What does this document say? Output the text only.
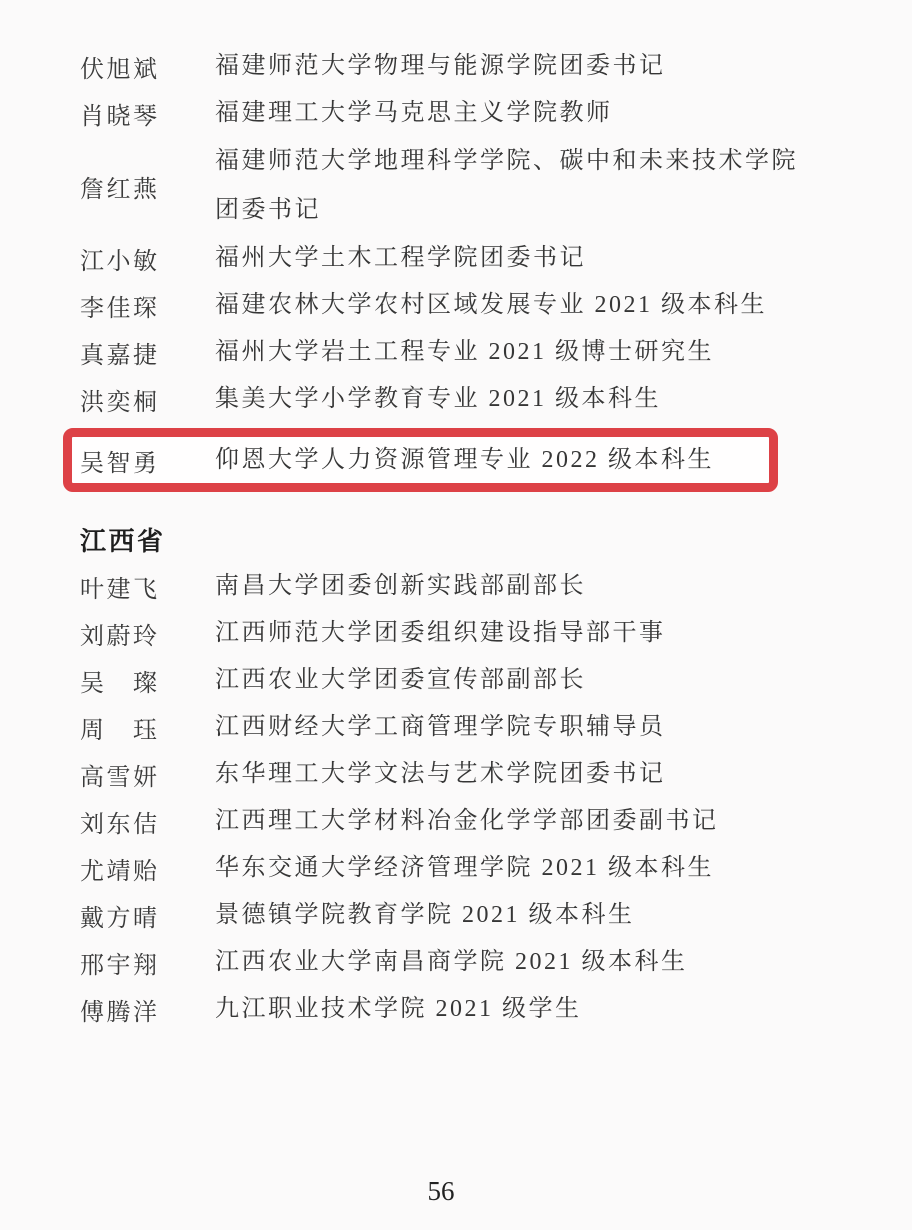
伏旭斌 福建师范大学物理与能源学院团委书记
肖晓琴 福建理工大学马克思主义学院教师
詹红燕
福建师范大学地理科学学院、碳中和未来技术学院团委书记
江小敏 福州大学土木工程学院团委书记
李佳琛 福建农林大学农村区域发展专业 2021 级本科生
真嘉捷 福州大学岩土工程专业 2021 级博士研究生
洪奕桐 集美大学小学教育专业 2021 级本科生
吴智勇 仰恩大学人力资源管理专业 2022 级本科生
江西省
叶建飞 南昌大学团委创新实践部副部长
刘蔚玲 江西师范大学团委组织建设指导部干事
吴　璨 江西农业大学团委宣传部副部长
周　珏 江西财经大学工商管理学院专职辅导员
高雪妍 东华理工大学文法与艺术学院团委书记
刘东佶 江西理工大学材料冶金化学学部团委副书记
尤靖贻 华东交通大学经济管理学院 2021 级本科生
戴方晴 景德镇学院教育学院 2021 级本科生
邢宇翔 江西农业大学南昌商学院 2021 级本科生
傅腾洋 九江职业技术学院 2021 级学生
56
